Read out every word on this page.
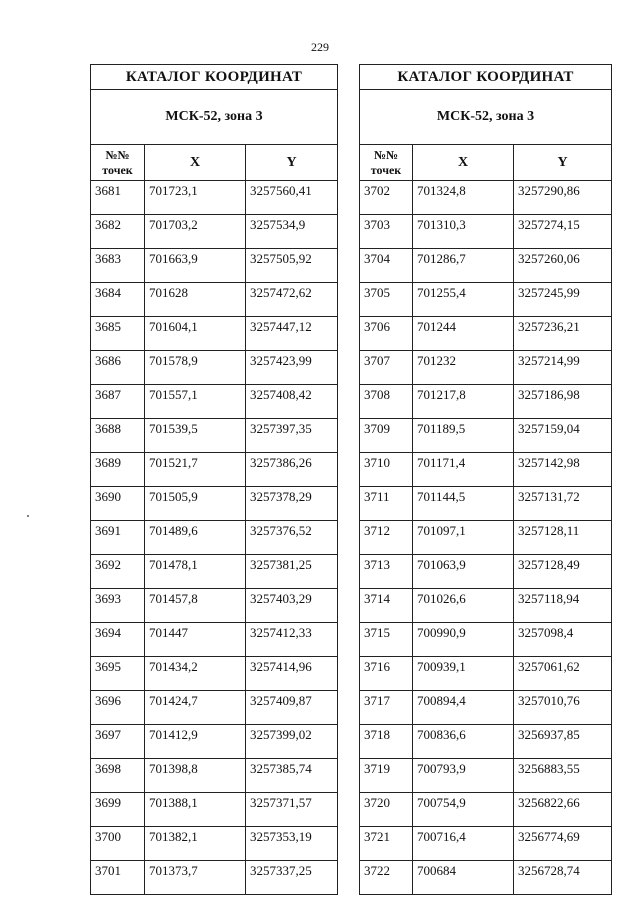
229
КАТАЛОГ КООРДИНАТ		
МСК-52, зона 3		
№№
точек	X	Y
3681	701723,1	3257560,41
3682	701703,2	3257534,9
3683	701663,9	3257505,92
3684	701628	3257472,62
3685	701604,1	3257447,12
3686	701578,9	3257423,99
3687	701557,1	3257408,42
3688	701539,5	3257397,35
3689	701521,7	3257386,26
3690	701505,9	3257378,29
3691	701489,6	3257376,52
3692	701478,1	3257381,25
3693	701457,8	3257403,29
3694	701447	3257412,33
3695	701434,2	3257414,96
3696	701424,7	3257409,87
3697	701412,9	3257399,02
3698	701398,8	3257385,74
3699	701388,1	3257371,57
3700	701382,1	3257353,19
3701	701373,7	3257337,25
КАТАЛОГ КООРДИНАТ		
МСК-52, зона 3		
№№
точек	X	Y
3702	701324,8	3257290,86
3703	701310,3	3257274,15
3704	701286,7	3257260,06
3705	701255,4	3257245,99
3706	701244	3257236,21
3707	701232	3257214,99
3708	701217,8	3257186,98
3709	701189,5	3257159,04
3710	701171,4	3257142,98
3711	701144,5	3257131,72
3712	701097,1	3257128,11
3713	701063,9	3257128,49
3714	701026,6	3257118,94
3715	700990,9	3257098,4
3716	700939,1	3257061,62
3717	700894,4	3257010,76
3718	700836,6	3256937,85
3719	700793,9	3256883,55
3720	700754,9	3256822,66
3721	700716,4	3256774,69
3722	700684	3256728,74
